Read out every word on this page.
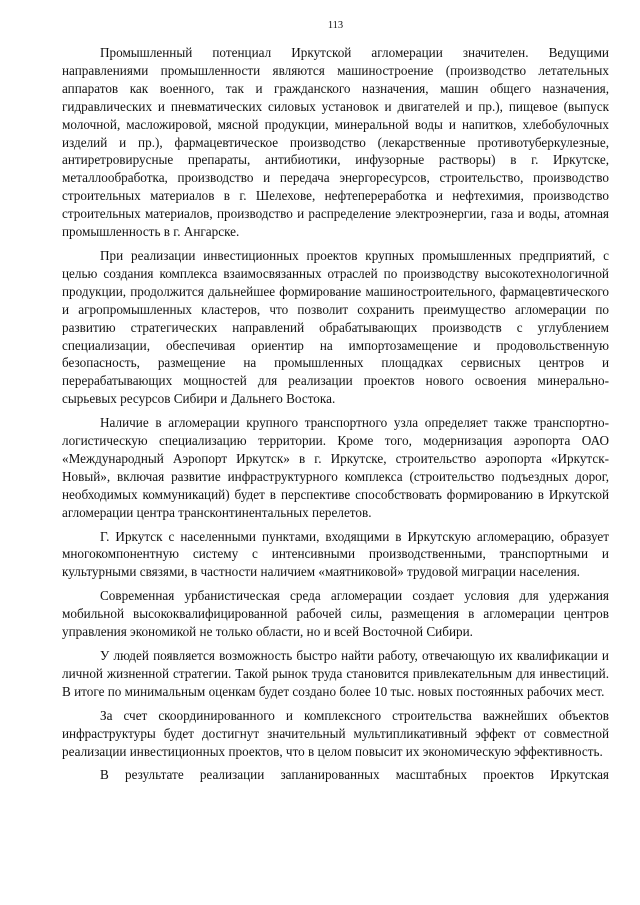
113

Промышленный потенциал Иркутской агломерации значителен. Ведущими направлениями промышленности являются машиностроение (производство летательных аппаратов как военного, так и гражданского назначения, машин общего назначения, гидравлических и пневматических силовых установок и двигателей и пр.), пищевое (выпуск молочной, масложировой, мясной продукции, минеральной воды и напитков, хлебобулочных изделий и пр.), фармацевтическое производство (лекарственные противотуберкулезные, антиретровирусные препараты, антибиотики, инфузорные растворы) в г. Иркутске, металлообработка, производство и передача энергоресурсов, строительство, производство строительных материалов в г. Шелехове, нефтепереработка и нефтехимия, производство строительных материалов, производство и распределение электроэнергии, газа и воды, атомная промышленность в г. Ангарске.

При реализации инвестиционных проектов крупных промышленных предприятий, с целью создания комплекса взаимосвязанных отраслей по производству высокотехнологичной продукции, продолжится дальнейшее формирование машиностроительного, фармацевтического и агропромышленных кластеров, что позволит сохранить преимущество агломерации по развитию стратегических направлений обрабатывающих производств с углублением специализации, обеспечивая ориентир на импортозамещение и продовольственную безопасность, размещение на промышленных площадках сервисных центров и перерабатывающих мощностей для реализации проектов нового освоения минерально-сырьевых ресурсов Сибири и Дальнего Востока.

Наличие в агломерации крупного транспортного узла определяет также транспортно-логистическую специализацию территории. Кроме того, модернизация аэропорта ОАО «Международный Аэропорт Иркутск» в г. Иркутске, строительство аэропорта «Иркутск-Новый», включая развитие инфраструктурного комплекса (строительство подъездных дорог, необходимых коммуникаций) будет в перспективе способствовать формированию в Иркутской агломерации центра трансконтинентальных перелетов.

Г. Иркутск с населенными пунктами, входящими в Иркутскую агломерацию, образует многокомпонентную систему с интенсивными производственными, транспортными и культурными связями, в частности наличием «маятниковой» трудовой миграции населения.

Современная урбанистическая среда агломерации создает условия для удержания мобильной высококвалифицированной рабочей силы, размещения в агломерации центров управления экономикой не только области, но и всей Восточной Сибири.

У людей появляется возможность быстро найти работу, отвечающую их квалификации и личной жизненной стратегии. Такой рынок труда становится привлекательным для инвестиций. В итоге по минимальным оценкам будет создано более 10 тыс. новых постоянных рабочих мест.

За счет скоординированного и комплексного строительства важнейших объектов инфраструктуры будет достигнут значительный мультипликативный эффект от совместной реализации инвестиционных проектов, что в целом повысит их экономическую эффективность.

В результате реализации запланированных масштабных проектов Иркутская
